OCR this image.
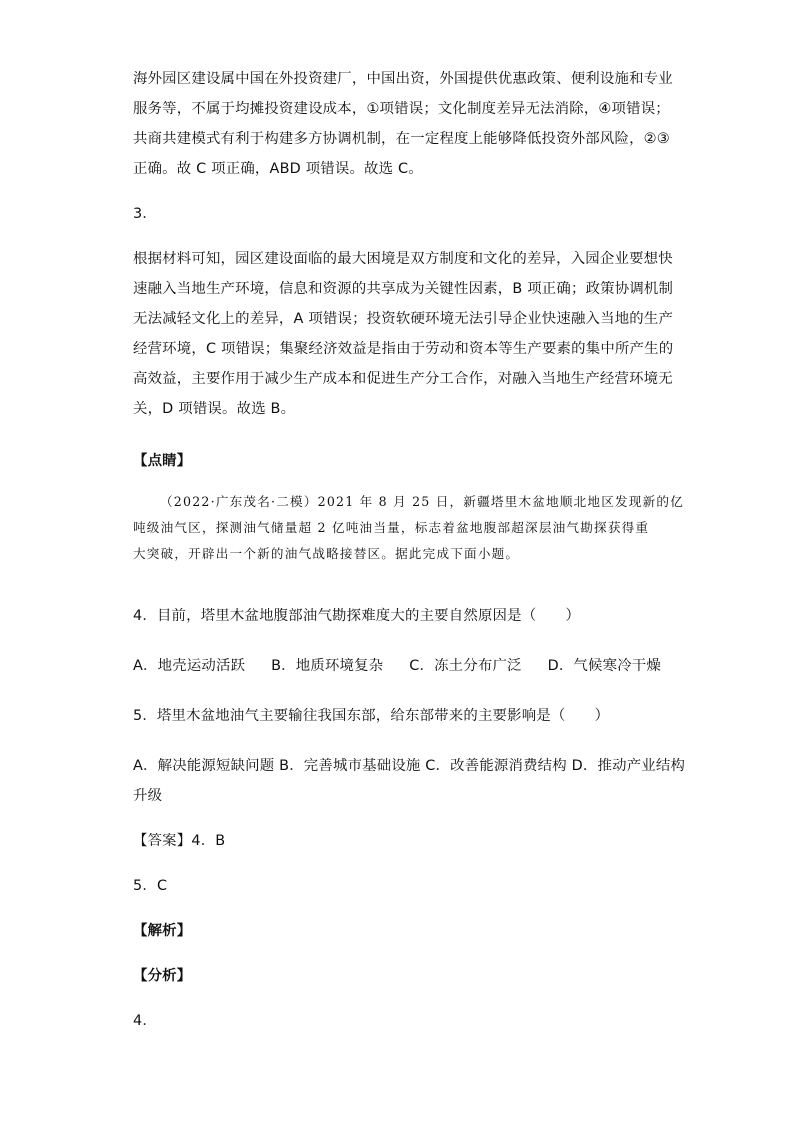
海外园区建设属中国在外投资建厂，中国出资，外国提供优惠政策、便利设施和专业
服务等，不属于均摊投资建设成本，①项错误；文化制度差异无法消除，④项错误；
共商共建模式有利于构建多方协调机制，在一定程度上能够降低投资外部风险，②③
正确。故 C 项正确，ABD 项错误。故选 C。
3．
根据材料可知，园区建设面临的最大困境是双方制度和文化的差异，入园企业要想快
速融入当地生产环境，信息和资源的共享成为关键性因素，B 项正确；政策协调机制
无法减轻文化上的差异，A 项错误；投资软硬环境无法引导企业快速融入当地的生产
经营环境，C 项错误；集聚经济效益是指由于劳动和资本等生产要素的集中所产生的
高效益，主要作用于减少生产成本和促进生产分工合作，对融入当地生产经营环境无
关，D 项错误。故选 B。
【点睛】
（2022·广东茂名·二模）2021 年 8 月 25 日，新疆塔里木盆地顺北地区发现新的亿
吨级油气区，探测油气储量超 2 亿吨油当量，标志着盆地腹部超深层油气勘探获得重
大突破，开辟出一个新的油气战略接替区。据此完成下面小题。
4．目前，塔里木盆地腹部油气勘探难度大的主要自然原因是（　　）
A．地壳运动活跃 B．地质环境复杂 C．冻土分布广泛 D．气候寒冷干燥
5．塔里木盆地油气主要输往我国东部，给东部带来的主要影响是（　　）
A．解决能源短缺问题 B．完善城市基础设施 C．改善能源消费结构 D．推动产业结构
升级
【答案】4．B
5．C
【解析】
【分析】
4．
